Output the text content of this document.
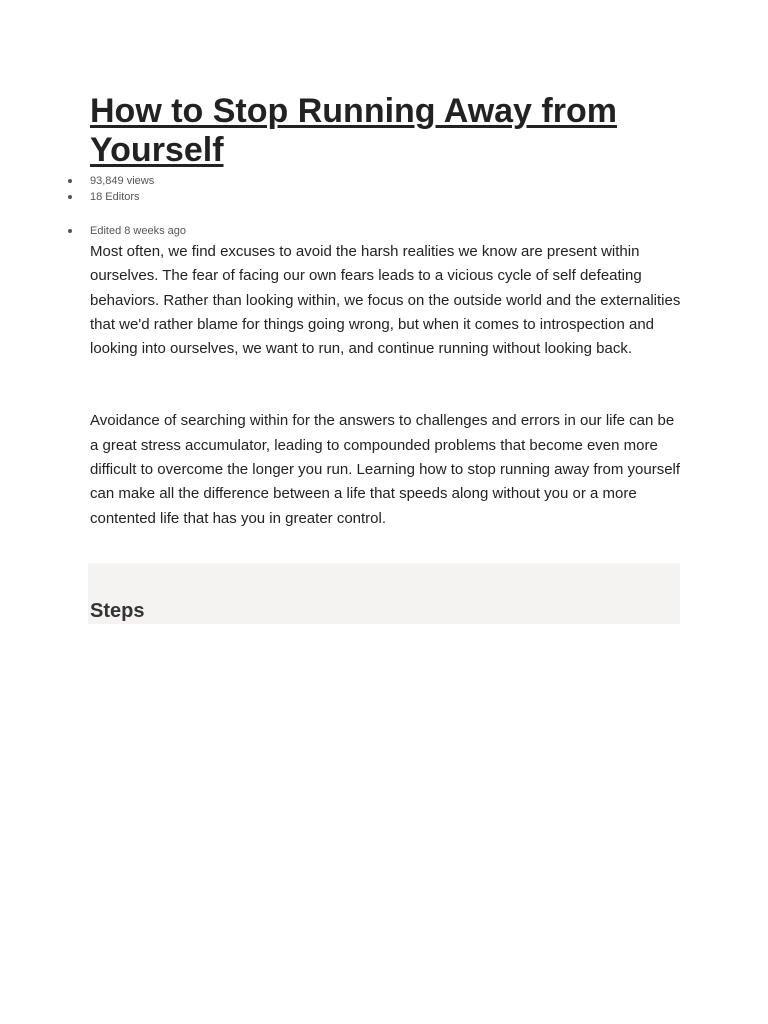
How to Stop Running Away from Yourself
93,849 views
18 Editors
Edited 8 weeks ago

Most often, we find excuses to avoid the harsh realities we know are present within ourselves. The fear of facing our own fears leads to a vicious cycle of self defeating behaviors. Rather than looking within, we focus on the outside world and the externalities that we'd rather blame for things going wrong, but when it comes to introspection and looking into ourselves, we want to run, and continue running without looking back.

Avoidance of searching within for the answers to challenges and errors in our life can be a great stress accumulator, leading to compounded problems that become even more difficult to overcome the longer you run. Learning how to stop running away from yourself can make all the difference between a life that speeds along without you or a more contented life that has you in greater control.

Steps
